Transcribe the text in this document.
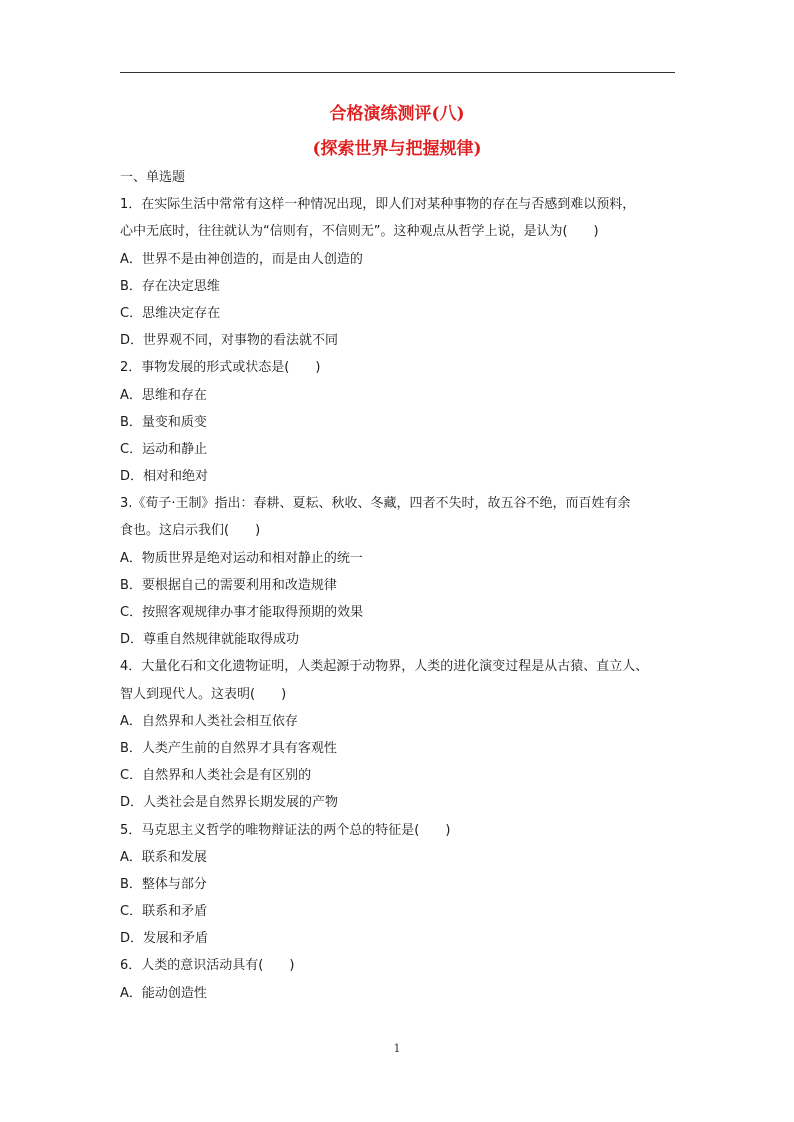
合格演练测评(八)
(探索世界与把握规律)
一、单选题
1．在实际生活中常常有这样一种情况出现，即人们对某种事物的存在与否感到难以预料，
心中无底时，往往就认为“信则有，不信则无”。这种观点从哲学上说，是认为(　　)
A．世界不是由神创造的，而是由人创造的
B．存在决定思维
C．思维决定存在
D．世界观不同，对事物的看法就不同
2．事物发展的形式或状态是(　　)
A．思维和存在
B．量变和质变
C．运动和静止
D．相对和绝对
3.《荀子·王制》指出：春耕、夏耘、秋收、冬藏，四者不失时，故五谷不绝，而百姓有余
食也。这启示我们(　　)
A．物质世界是绝对运动和相对静止的统一
B．要根据自己的需要利用和改造规律
C．按照客观规律办事才能取得预期的效果
D．尊重自然规律就能取得成功
4．大量化石和文化遗物证明，人类起源于动物界，人类的进化演变过程是从古猿、直立人、
智人到现代人。这表明(　　)
A．自然界和人类社会相互依存
B．人类产生前的自然界才具有客观性
C．自然界和人类社会是有区别的
D．人类社会是自然界长期发展的产物
5．马克思主义哲学的唯物辩证法的两个总的特征是(　　)
A．联系和发展
B．整体与部分
C．联系和矛盾
D．发展和矛盾
6．人类的意识活动具有(　　)
A．能动创造性
1
